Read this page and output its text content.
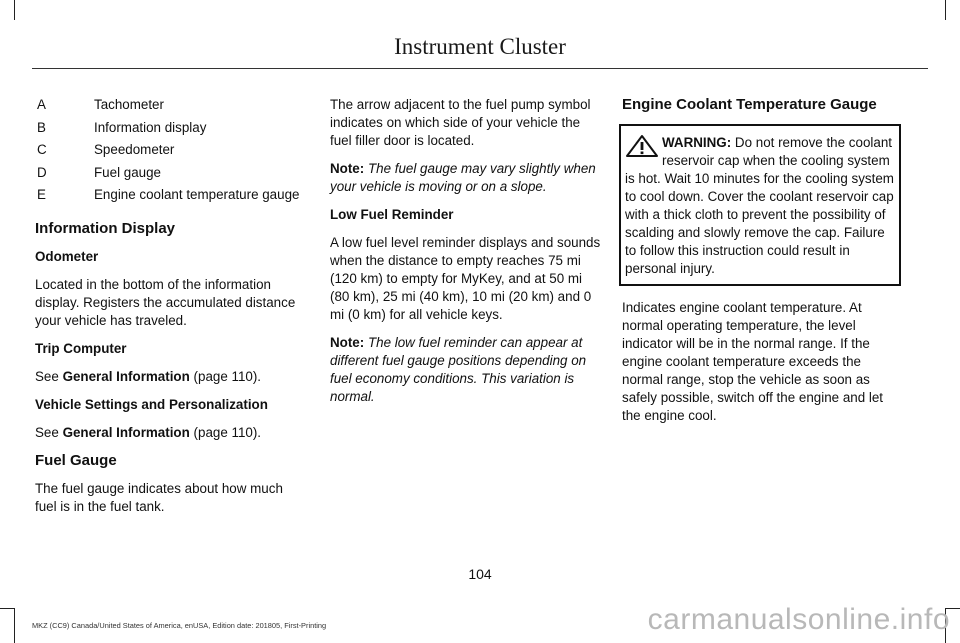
Instrument Cluster
A	Tachometer
B	Information display
C	Speedometer
D	Fuel gauge
E	Engine coolant temperature gauge
Information Display
Odometer

Located in the bottom of the information display. Registers the accumulated distance your vehicle has traveled.

Trip Computer

See General Information (page 110).

Vehicle Settings and Personalization

See General Information (page 110).

Fuel Gauge

The fuel gauge indicates about how much fuel is in the fuel tank.

The arrow adjacent to the fuel pump symbol indicates on which side of your vehicle the fuel filler door is located.

Note: The fuel gauge may vary slightly when your vehicle is moving or on a slope.

Low Fuel Reminder

A low fuel level reminder displays and sounds when the distance to empty reaches 75 mi (120 km) to empty for MyKey, and at 50 mi (80 km), 25 mi (40 km), 10 mi (20 km) and 0 mi (0 km) for all vehicle keys.

Note: The low fuel reminder can appear at different fuel gauge positions depending on fuel economy conditions. This variation is normal.

Engine Coolant Temperature Gauge
WARNING: Do not remove the coolant reservoir cap when the cooling system is hot. Wait 10 minutes for the cooling system to cool down. Cover the coolant reservoir cap with a thick cloth to prevent the possibility of scalding and slowly remove the cap. Failure to follow this instruction could result in personal injury.

Indicates engine coolant temperature. At normal operating temperature, the level indicator will be in the normal range. If the engine coolant temperature exceeds the normal range, stop the vehicle as soon as safely possible, switch off the engine and let the engine cool.

104
MKZ (CC9) Canada/United States of America, enUSA, Edition date: 201805, First-Printing	carmanualsonline.info
